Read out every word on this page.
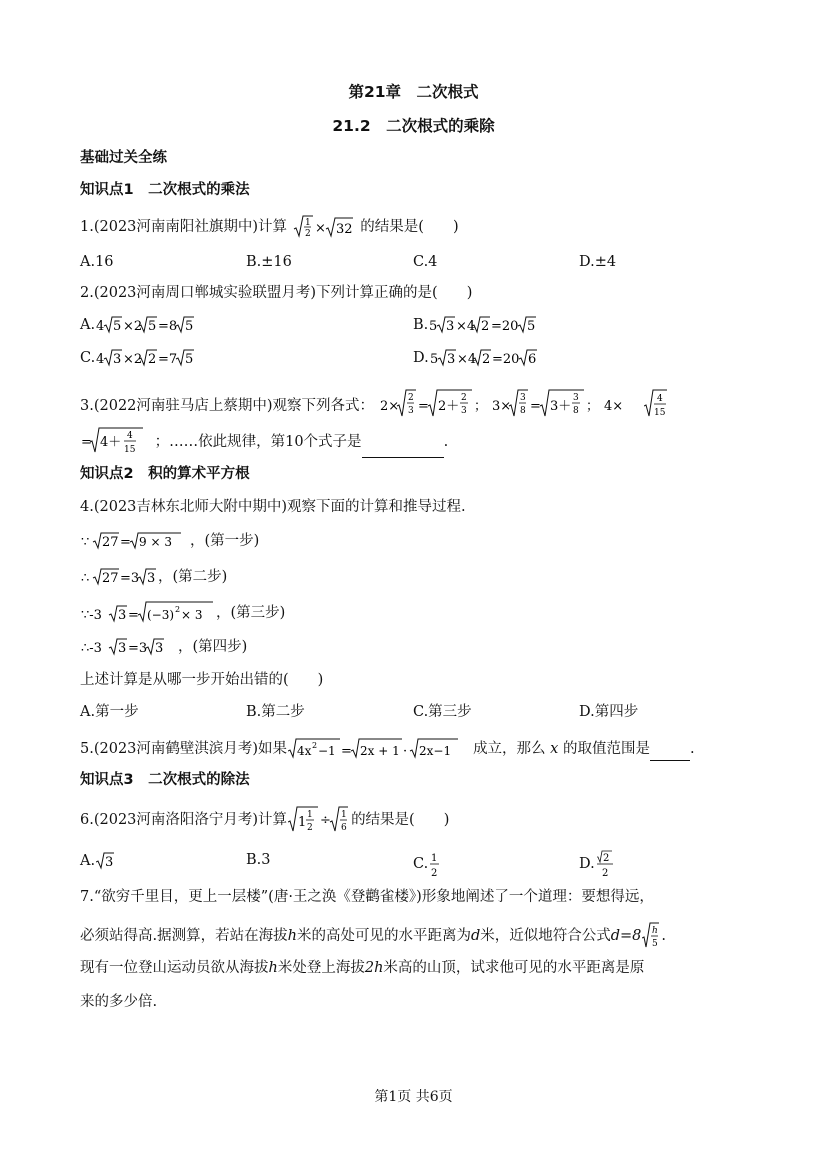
第21章　二次根式
21.2　二次根式的乘除
基础过关全练
知识点1　二次根式的乘法
1.(2023河南南阳社旗期中)计算 1
2 × 32 的结果是(　　)
A.16	B.±16	C.4	D.±4
2.(2023河南周口郸城实验联盟月考)下列计算正确的是(　　)
A. 4 5 ×2 5 =8 5	B. 5 3 ×4 2 =20 5
C. 4 3 ×2 2 =7 5	D. 5 3 ×4 2 =20 6
3.(2022河南驻马店上蔡期中)观察下列各式： 2×
2
3 = 2＋
2
3 ； 3×
3
8 = 3＋
3
8 ； 4×
	4
15
= 4＋ 4
15 ；……依此规律，第10个式子是	.
知识点2　积的算术平方根
4.(2023吉林东北师大附中期中)观察下面的计算和推导过程.
∵ 27 = 9 × 3 ，(第一步)
∴ 27 =3 3 ，(第二步)
∵-3 3 = (−3) 2 × 3 ，(第三步)
∴-3 3 =3 3 ，(第四步)
上述计算是从哪一步开始出错的(　　)
A.第一步	B.第二步	C.第三步	D.第四步
5.(2023河南鹤壁淇滨月考)如果 4x 2 −1 = 2x + 1 · 2x−1 成立，那么 x 的取值范围是	.
知识点3　二次根式的除法
6.(2023河南洛阳洛宁月考)计算 1 1
2 ÷ 1
6 的结果是(　　)
A. 3	B.3	C. 1
2
D. 2
2
7.“欲穷千里目，更上一层楼”(唐·王之涣《登鹳雀楼》)形象地阐述了一个道理：要想得远，
必须站得高.据测算，若站在海拔h米的高处可见的水平距离为d米，近似地符合公式d=8 h
5 .
现有一位登山运动员欲从海拔h米处登上海拔2h米高的山顶，试求他可见的水平距离是原
来的多少倍.
第1页 共6页
